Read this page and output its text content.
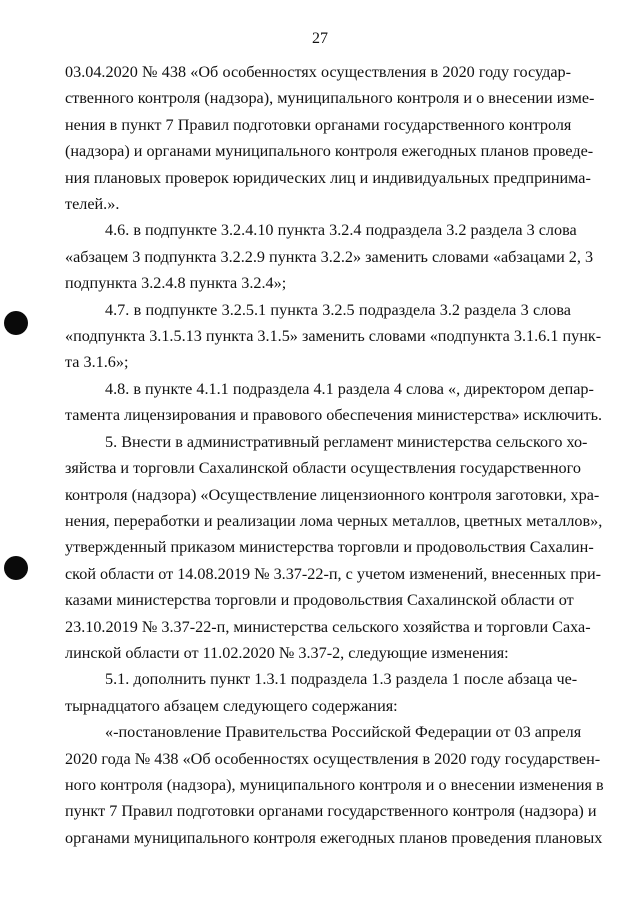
27
03.04.2020 № 438 «Об особенностях осуществления в 2020 году государ-
ственного контроля (надзора), муниципального контроля и о внесении изме-
нения в пункт 7 Правил подготовки органами государственного контроля
(надзора) и органами муниципального контроля ежегодных планов проведе-
ния плановых проверок юридических лиц и индивидуальных предпринима-
телей.».
4.6. в подпункте 3.2.4.10 пункта 3.2.4 подраздела 3.2 раздела 3 слова
«абзацем 3 подпункта 3.2.2.9 пункта 3.2.2» заменить словами «абзацами 2, 3
подпункта 3.2.4.8 пункта 3.2.4»;
4.7. в подпункте 3.2.5.1 пункта 3.2.5 подраздела 3.2 раздела 3 слова
«подпункта 3.1.5.13 пункта 3.1.5» заменить словами «подпункта 3.1.6.1 пунк-
та 3.1.6»;
4.8. в пункте 4.1.1 подраздела 4.1 раздела 4 слова «, директором депар-
тамента лицензирования и правового обеспечения министерства» исключить.
5. Внести в административный регламент министерства сельского хо-
зяйства и торговли Сахалинской области осуществления государственного
контроля (надзора) «Осуществление лицензионного контроля заготовки, хра-
нения, переработки и реализации лома черных металлов, цветных металлов»,
утвержденный приказом министерства торговли и продовольствия Сахалин-
ской области от 14.08.2019 № 3.37-22-п, с учетом изменений, внесенных при-
казами министерства торговли и продовольствия Сахалинской области от
23.10.2019 № 3.37-22-п, министерства сельского хозяйства и торговли Саха-
линской области от 11.02.2020 № 3.37-2, следующие изменения:
5.1. дополнить пункт 1.3.1 подраздела 1.3 раздела 1 после абзаца че-
тырнадцатого абзацем следующего содержания:
«-постановление Правительства Российской Федерации от 03 апреля
2020 года № 438 «Об особенностях осуществления в 2020 году государствен-
ного контроля (надзора), муниципального контроля и о внесении изменения в
пункт 7 Правил подготовки органами государственного контроля (надзора) и
органами муниципального контроля ежегодных планов проведения плановых
